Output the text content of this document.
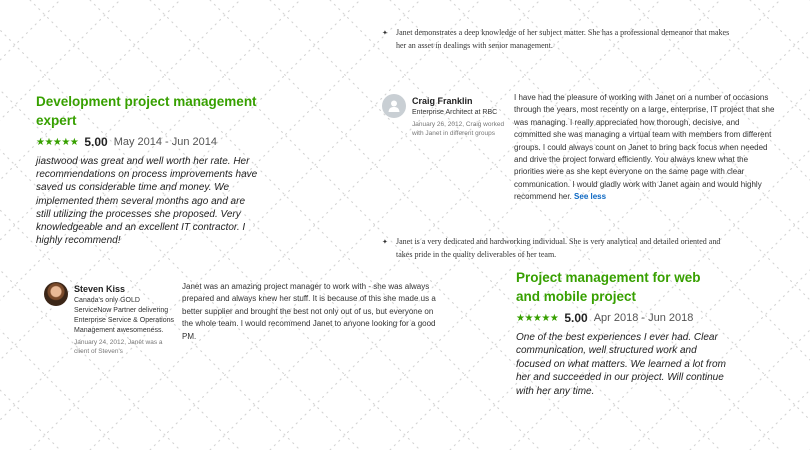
✦	Janet demonstrates a deep knowledge of her subject matter. She has a professional demeanor that makes her an asset in dealings with senior management.
Development project management expert
★★★★★ 5.00 May 2014 - Jun 2014
jiastwood was great and well worth her rate. Her recommendations on process improvements have saved us considerable time and money. We implemented them several months ago and are still utilizing the processes she proposed. Very knowledgeable and an excellent IT contractor. I highly recommend!
Craig Franklin
Enterprise Architect at RBC
January 26, 2012, Craig worked with Janet in different groups
I have had the pleasure of working with Janet on a number of occasions through the years, most recently on a large, enterprise, IT project that she was managing. I really appreciated how thorough, decisive, and committed she was managing a virtual team with members from different groups. I could always count on Janet to bring back focus when needed and drive the project forward efficiently. You always knew what the priorities were as she kept everyone on the same page with clear communication. I would gladly work with Janet again and would highly recommend her. See less
✦	Janet is a very dedicated and hardworking individual. She is very analytical and detailed oriented and takes pride in the quality deliverables of her team.
Steven Kiss
Canada's only GOLD ServiceNow Partner delivering Enterprise Service & Operations Management awesomeness.
January 24, 2012, Janet was a client of Steven's
Janet was an amazing project manager to work with - she was always prepared and always knew her stuff. It is because of this she made us a better supplier and brought the best not only out of us, but everyone on the whole team. I would recommend Janet to anyone looking for a good PM.
Project management for web and mobile project
★★★★★ 5.00 Apr 2018 - Jun 2018
One of the best experiences I ever had. Clear communication, well structured work and focused on what matters. We learned a lot from her and succeeded in our project. Will continue with her any time.
